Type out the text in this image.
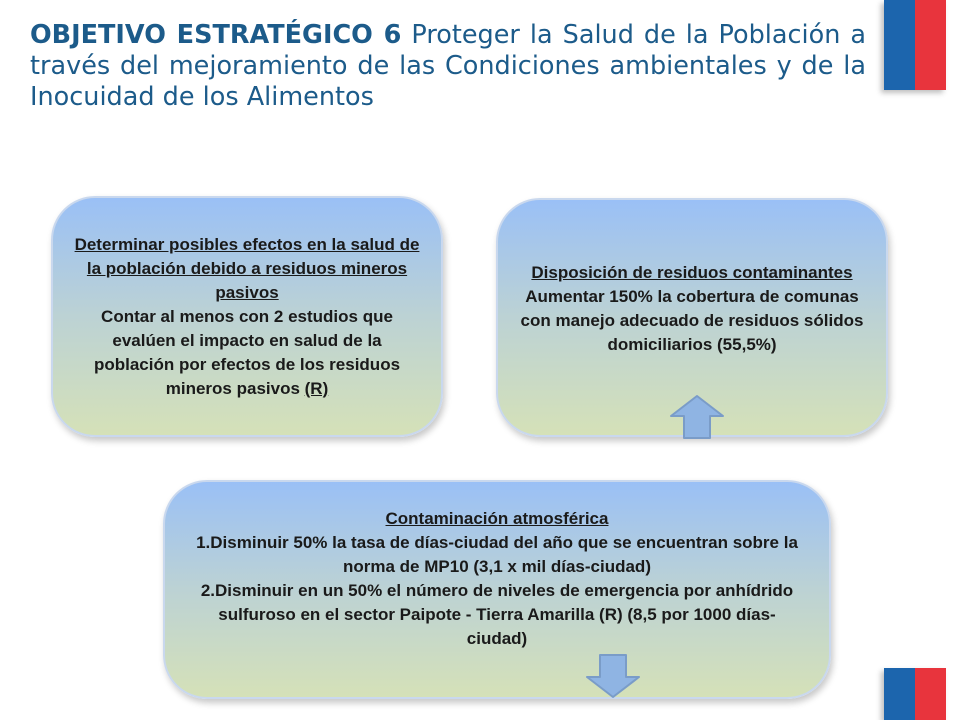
OBJETIVO ESTRATÉGICO 6 Proteger la Salud de la Población a través del mejoramiento de las Condiciones ambientales y de la Inocuidad de los Alimentos

Determinar posibles efectos en la salud de la población debido a residuos mineros pasivos

Contar al menos con 2 estudios que evalúen el impacto en salud de la población por efectos de los residuos mineros pasivos (R)

Disposición de residuos contaminantes

Aumentar 150% la cobertura de comunas con manejo adecuado de residuos sólidos domiciliarios (55,5%)

Contaminación atmosférica

1.Disminuir 50% la tasa de días-ciudad del año que se encuentran sobre la norma de MP10 (3,1 x mil días-ciudad)

2.Disminuir en un 50% el número de niveles de emergencia por anhídrido sulfuroso en el sector Paipote - Tierra Amarilla (R) (8,5 por 1000 días-ciudad)
